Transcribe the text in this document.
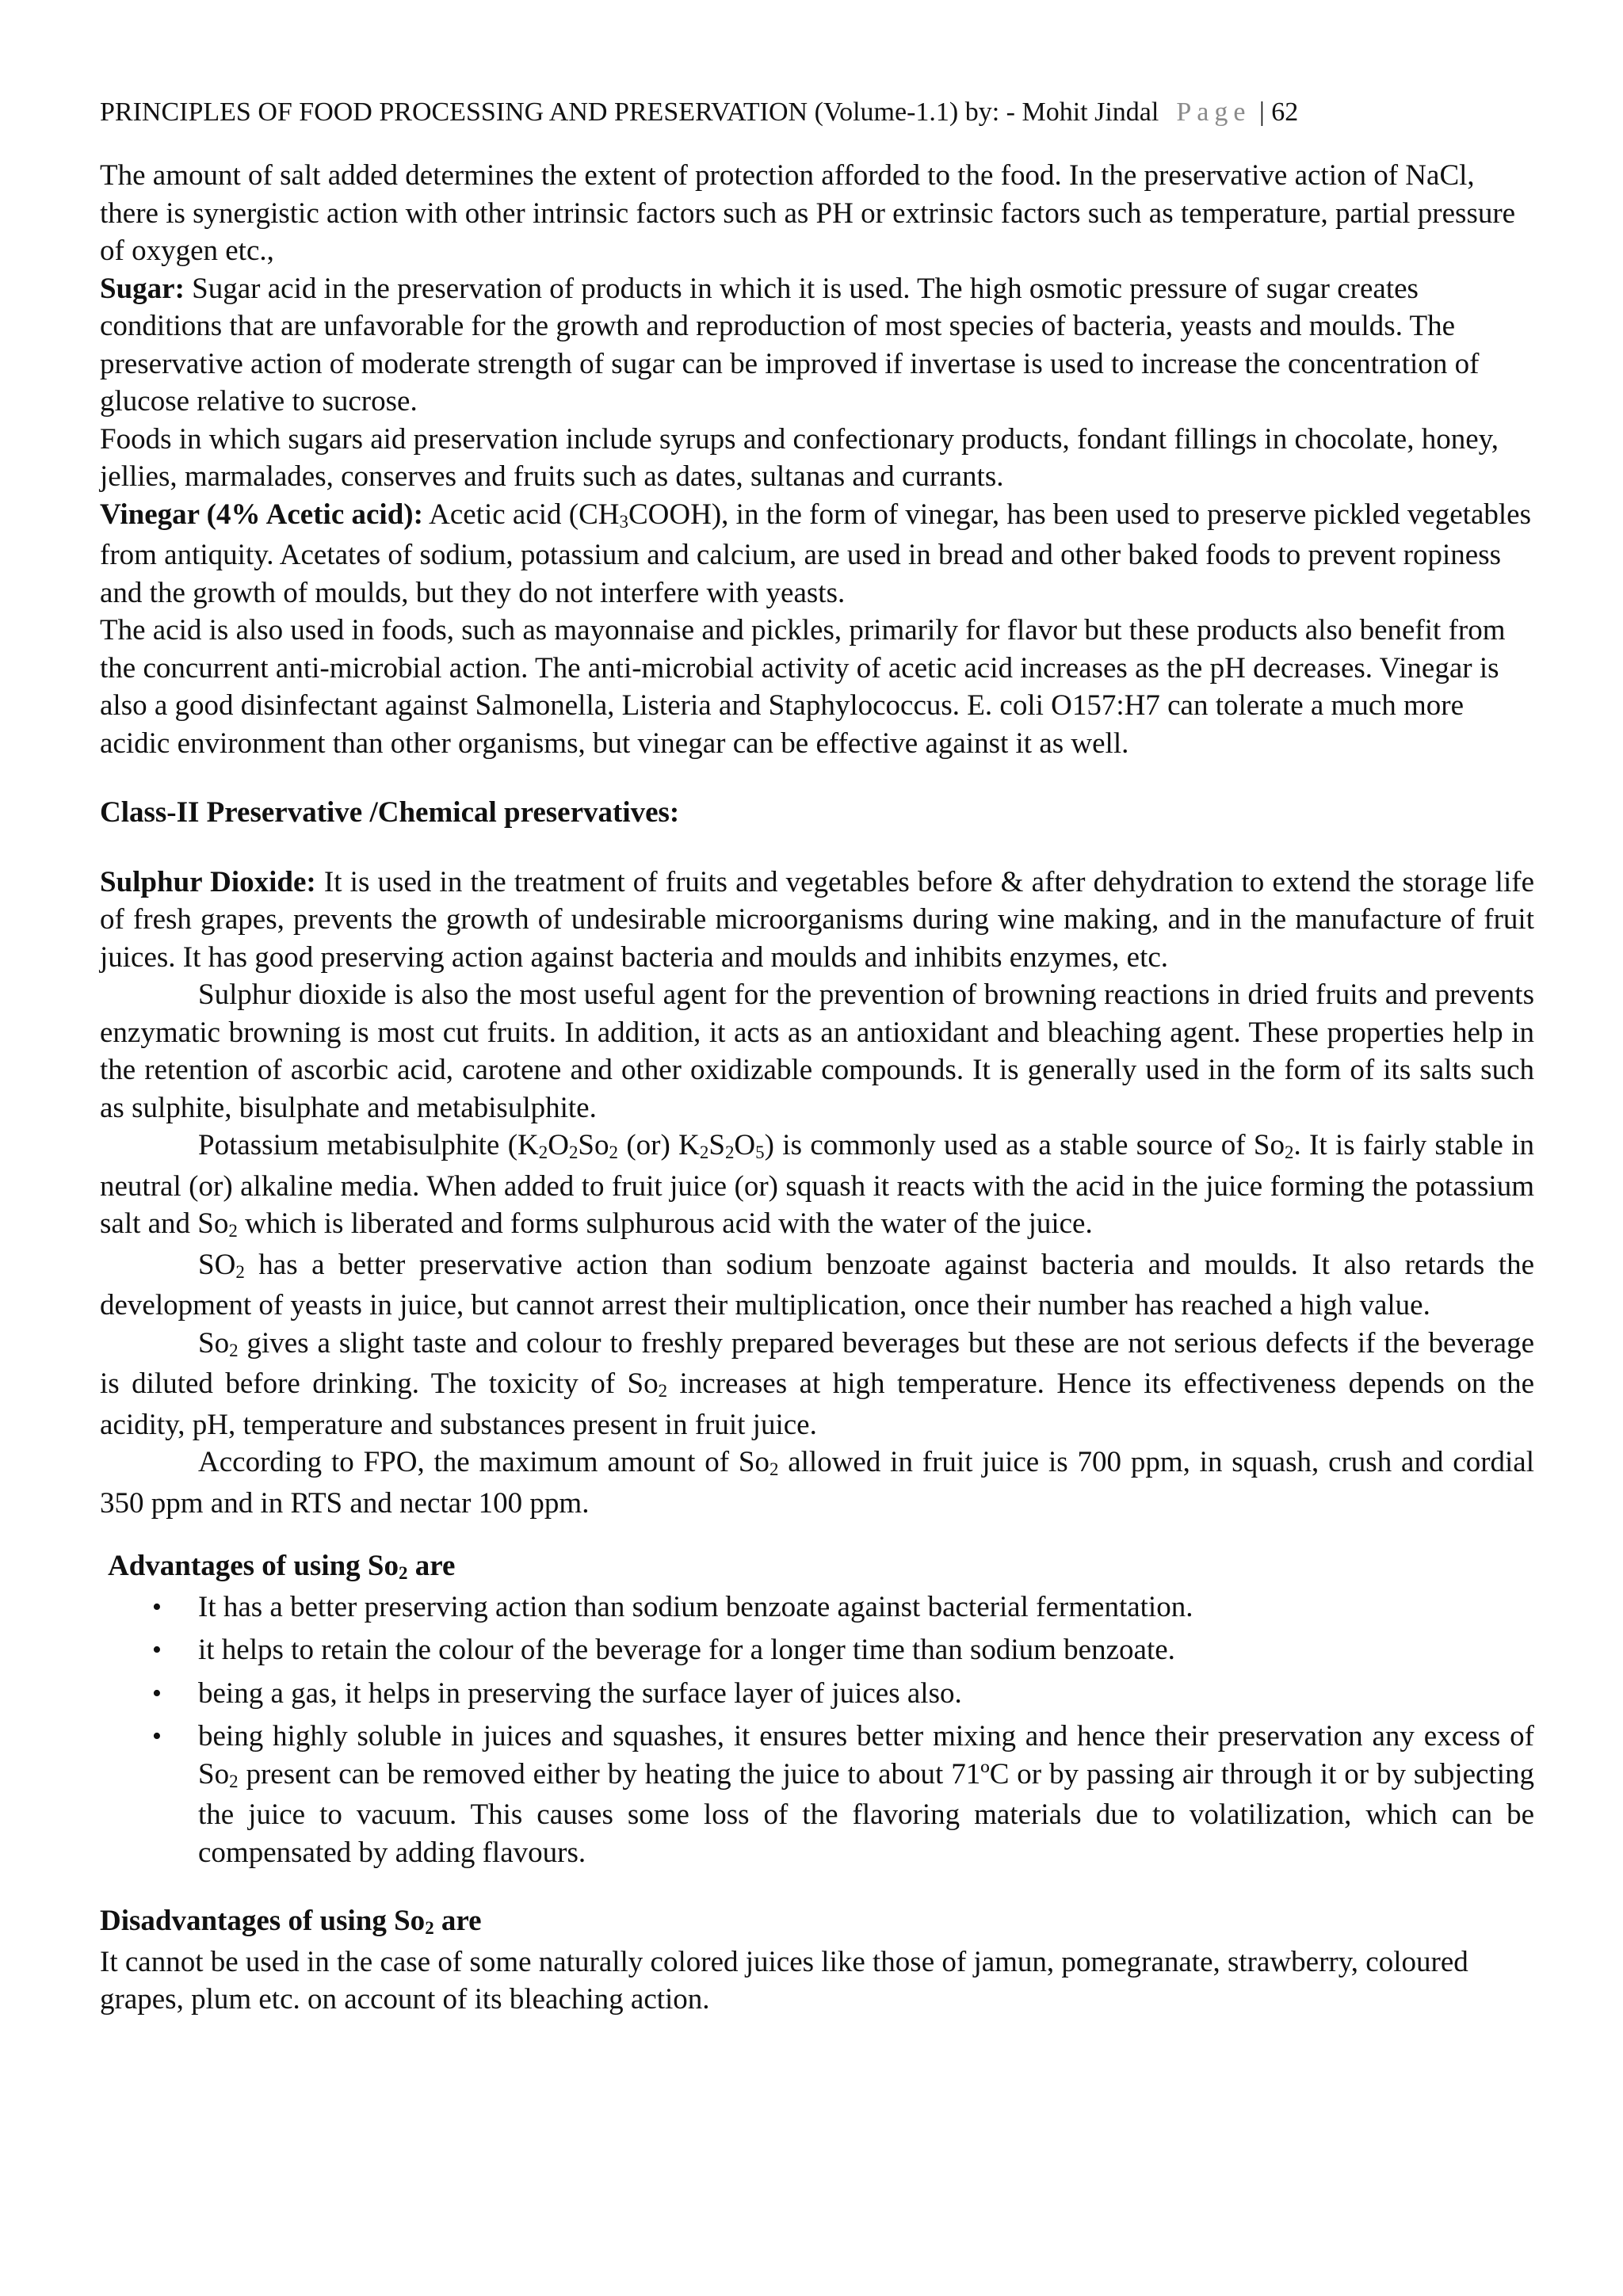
PRINCIPLES OF FOOD PROCESSING AND PRESERVATION (Volume-1.1) by: - Mohit Jindal Page | 62

The amount of salt added determines the extent of protection afforded to the food. In the preservative action of NaCl, there is synergistic action with other intrinsic factors such as PH or extrinsic factors such as temperature, partial pressure of oxygen etc.,

Sugar: Sugar acid in the preservation of products in which it is used. The high osmotic pressure of sugar creates conditions that are unfavorable for the growth and reproduction of most species of bacteria, yeasts and moulds. The preservative action of moderate strength of sugar can be improved if invertase is used to increase the concentration of glucose relative to sucrose.

Foods in which sugars aid preservation include syrups and confectionary products, fondant fillings in chocolate, honey, jellies, marmalades, conserves and fruits such as dates, sultanas and currants.

Vinegar (4% Acetic acid): Acetic acid $(CH_3COOH)$, in the form of vinegar, has been used to preserve pickled vegetables from antiquity. Acetates of sodium, potassium and calcium, are used in bread and other baked foods to prevent ropiness and the growth of moulds, but they do not interfere with yeasts.

The acid is also used in foods, such as mayonnaise and pickles, primarily for flavor but these products also benefit from the concurrent anti-microbial action. The anti-microbial activity of acetic acid increases as the pH decreases. Vinegar is also a good disinfectant against Salmonella, Listeria and Staphylococcus. E. coli O157:H7 can tolerate a much more acidic environment than other organisms, but vinegar can be effective against it as well.

Class-II Preservative /Chemical preservatives:

Sulphur Dioxide: It is used in the treatment of fruits and vegetables before & after dehydration to extend the storage life of fresh grapes, prevents the growth of undesirable microorganisms during wine making, and in the manufacture of fruit juices. It has good preserving action against bacteria and moulds and inhibits enzymes, etc.

Sulphur dioxide is also the most useful agent for the prevention of browning reactions in dried fruits and prevents enzymatic browning is most cut fruits. In addition, it acts as an antioxidant and bleaching agent. These properties help in the retention of ascorbic acid, carotene and other oxidizable compounds. It is generally used in the form of its salts such as sulphite, bisulphate and metabisulphite.

Potassium metabisulphite ($K_2O_2So_2$ (or) $K_2S_2O_5$) is commonly used as a stable source of $So_2$. It is fairly stable in neutral (or) alkaline media. When added to fruit juice (or) squash it reacts with the acid in the juice forming the potassium salt and $So_2$ which is liberated and forms sulphurous acid with the water of the juice.

$SO_2$ has a better preservative action than sodium benzoate against bacteria and moulds. It also retards the development of yeasts in juice, but cannot arrest their multiplication, once their number has reached a high value.

$So_2$ gives a slight taste and colour to freshly prepared beverages but these are not serious defects if the beverage is diluted before drinking. The toxicity of $So_2$ increases at high temperature. Hence its effectiveness depends on the acidity, pH, temperature and substances present in fruit juice.

According to FPO, the maximum amount of $So_2$ allowed in fruit juice is 700 ppm, in squash, crush and cordial 350 ppm and in RTS and nectar 100 ppm.

Advantages of using $So_2$ are

• It has a better preserving action than sodium benzoate against bacterial fermentation.
• it helps to retain the colour of the beverage for a longer time than sodium benzoate.
• being a gas, it helps in preserving the surface layer of juices also.
• being highly soluble in juices and squashes, it ensures better mixing and hence their preservation any excess of $So_2$ present can be removed either by heating the juice to about 71ºC or by passing air through it or by subjecting the juice to vacuum. This causes some loss of the flavoring materials due to volatilization, which can be compensated by adding flavours.

Disadvantages of using $So_2$ are

It cannot be used in the case of some naturally colored juices like those of jamun, pomegranate, strawberry, coloured grapes, plum etc. on account of its bleaching action.
